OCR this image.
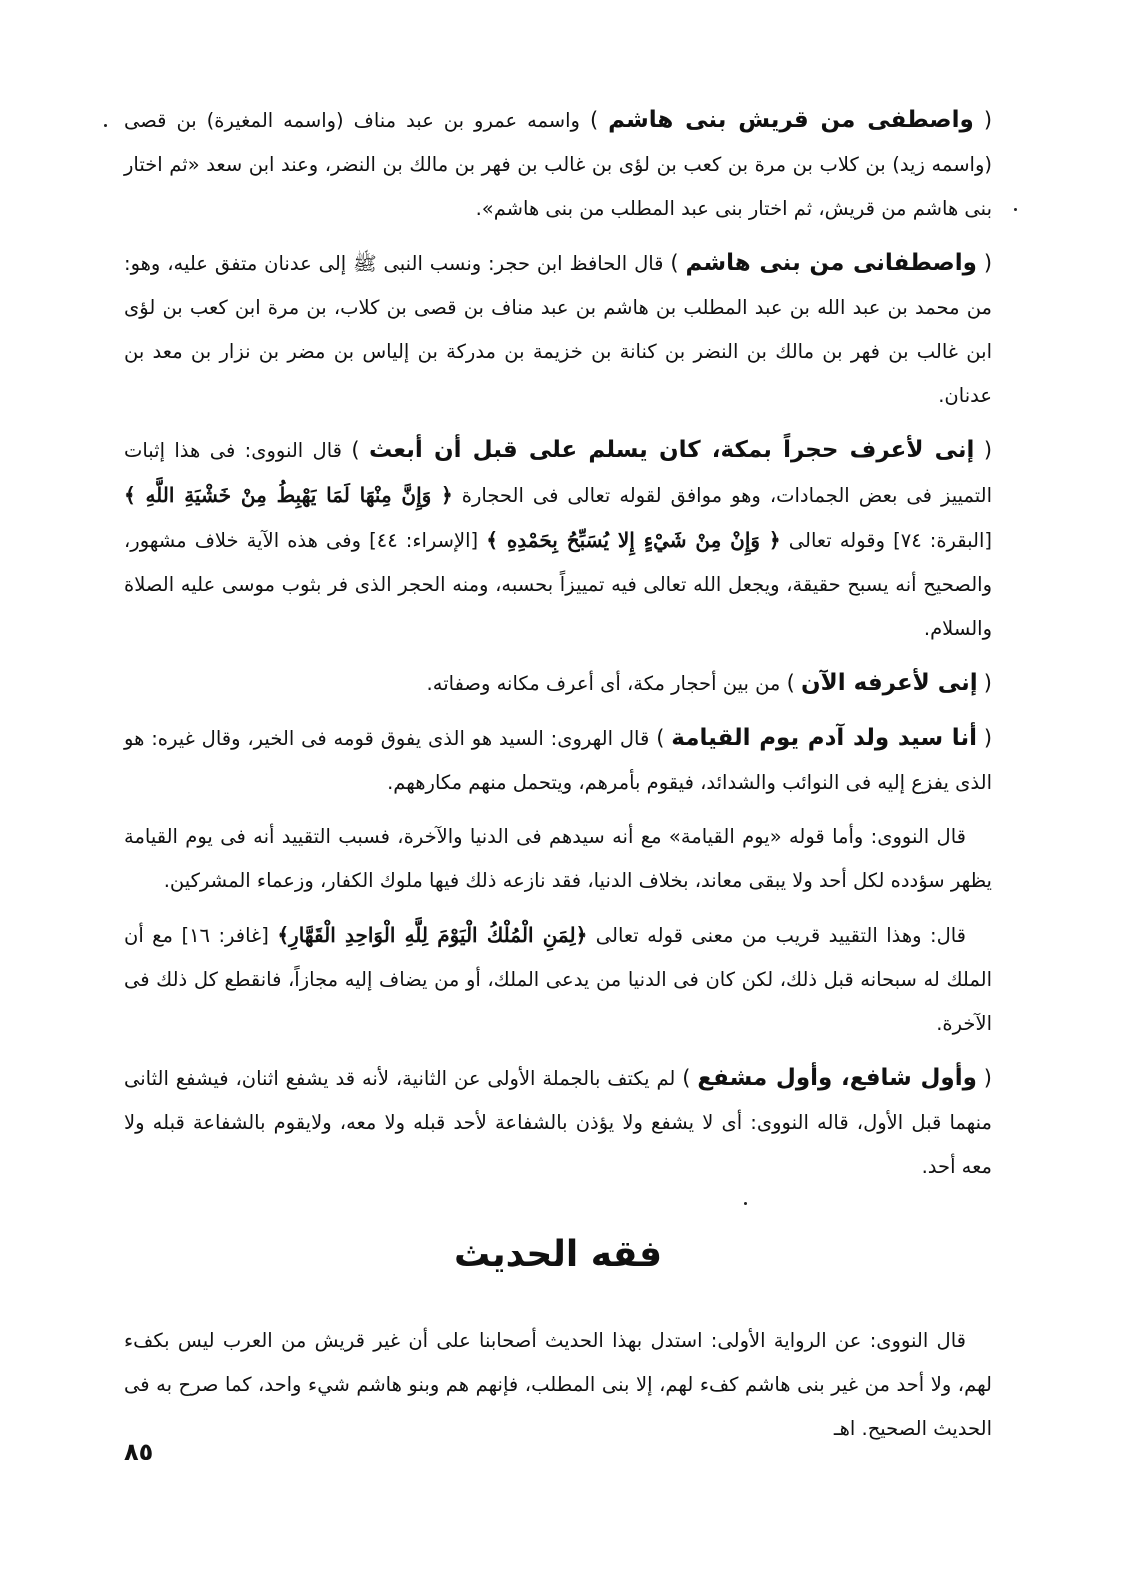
( واصطفى من قريش بنى هاشم ) واسمه عمرو بن عبد مناف (واسمه المغيرة) بن قصى (واسمه زيد) بن كلاب بن مرة بن كعب بن لؤى بن غالب بن فهر بن مالك بن النضر، وعند ابن سعد «ثم اختار بنى هاشم من قريش، ثم اختار بنى عبد المطلب من بنى هاشم».

( واصطفانى من بنى هاشم ) قال الحافظ ابن حجر: ونسب النبى ﷺ إلى عدنان متفق عليه، وهو: من محمد بن عبد الله بن عبد المطلب بن هاشم بن عبد مناف بن قصى بن كلاب، بن مرة ابن كعب بن لؤى ابن غالب بن فهر بن مالك بن النضر بن كنانة بن خزيمة بن مدركة بن إلياس بن مضر بن نزار بن معد بن عدنان.

( إنى لأعرف حجراً بمكة، كان يسلم على قبل أن أبعث ) قال النووى: فى هذا إثبات التمييز فى بعض الجمادات، وهو موافق لقوله تعالى فى الحجارة ﴿ وَإِنَّ مِنْهَا لَمَا يَهْبِطُ مِنْ خَشْيَةِ اللَّهِ ﴾ [البقرة: ٧٤] وقوله تعالى ﴿ وَإِنْ مِنْ شَيْءٍ إِلا يُسَبِّحُ بِحَمْدِهِ ﴾ [الإسراء: ٤٤] وفى هذه الآية خلاف مشهور، والصحيح أنه يسبح حقيقة، ويجعل الله تعالى فيه تمييزاً بحسبه، ومنه الحجر الذى فر بثوب موسى عليه الصلاة والسلام.

( إنى لأعرفه الآن ) من بين أحجار مكة، أى أعرف مكانه وصفاته.

( أنا سيد ولد آدم يوم القيامة ) قال الهروى: السيد هو الذى يفوق قومه فى الخير، وقال غيره: هو الذى يفزع إليه فى النوائب والشدائد، فيقوم بأمرهم، ويتحمل منهم مكارههم.

قال النووى: وأما قوله «يوم القيامة» مع أنه سيدهم فى الدنيا والآخرة، فسبب التقييد أنه فى يوم القيامة يظهر سؤدده لكل أحد ولا يبقى معاند، بخلاف الدنيا، فقد نازعه ذلك فيها ملوك الكفار، وزعماء المشركين.

قال: وهذا التقييد قريب من معنى قوله تعالى ﴿لِمَنِ الْمُلْكُ الْيَوْمَ لِلَّهِ الْوَاحِدِ الْقَهَّارِ﴾ [غافر: ١٦] مع أن الملك له سبحانه قبل ذلك، لكن كان فى الدنيا من يدعى الملك، أو من يضاف إليه مجازاً، فانقطع كل ذلك فى الآخرة.

( وأول شافع، وأول مشفع ) لم يكتف بالجملة الأولى عن الثانية، لأنه قد يشفع اثنان، فيشفع الثانى منهما قبل الأول، قاله النووى: أى لا يشفع ولا يؤذن بالشفاعة لأحد قبله ولا معه، ولايقوم بالشفاعة قبله ولا معه أحد.

فقه الحديث

قال النووى: عن الرواية الأولى: استدل بهذا الحديث أصحابنا على أن غير قريش من العرب ليس بكفء لهم، ولا أحد من غير بنى هاشم كفء لهم، إلا بنى المطلب، فإنهم هم وبنو هاشم شيء واحد، كما صرح به فى الحديث الصحيح. اهـ

٨٥
